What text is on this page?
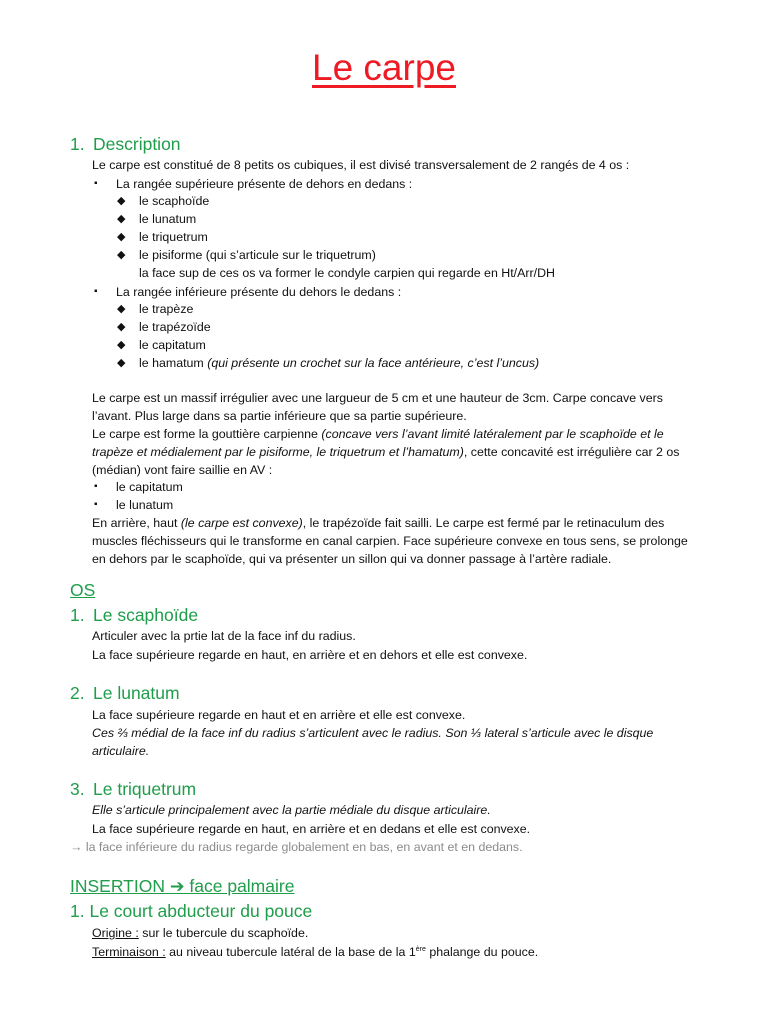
Le carpe
1. Description
Le carpe est constitué de 8 petits os cubiques, il est divisé transversalement de 2 rangés de 4 os :
▪ La rangée supérieure présente de dehors en dedans :
◆ le scaphoïde
◆ le lunatum
◆ le triquetrum
◆ le pisiforme (qui s’articule sur le triquetrum)
la face sup de ces os va former le condyle carpien qui regarde en Ht/Arr/DH
▪ La rangée inférieure présente du dehors le dedans :
◆ le trapèze
◆ le trapézoïde
◆ le capitatum
◆ le hamatum (qui présente un crochet sur la face antérieure, c’est l’uncus)
Le carpe est un massif irrégulier avec une largueur de 5 cm et une hauteur de 3cm. Carpe concave vers
l’avant. Plus large dans sa partie inférieure que sa partie supérieure.
Le carpe est forme la gouttière carpienne (concave vers l’avant limité latéralement par le scaphoïde et le
trapèze et médialement par le pisiforme, le triquetrum et l’hamatum), cette concavité est irrégulière car 2 os
(médian) vont faire saillie en AV :
▪ le capitatum
▪ le lunatum
En arrière, haut (le carpe est convexe), le trapézoïde fait sailli. Le carpe est fermé par le retinaculum des
muscles fléchisseurs qui le transforme en canal carpien. Face supérieure convexe en tous sens, se prolonge
en dehors par le scaphoïde, qui va présenter un sillon qui va donner passage à l’artère radiale.
OS
1. Le scaphoïde
Articuler avec la prtie lat de la face inf du radius.
La face supérieure regarde en haut, en arrière et en dehors et elle est convexe.
2. Le lunatum
La face supérieure regarde en haut et en arrière et elle est convexe.
Ces ⅔ médial de la face inf du radius s’articulent avec le radius. Son ⅓ lateral s’articule avec le disque
articulaire.
3. Le triquetrum
Elle s’articule principalement avec la partie médiale du disque articulaire.
La face supérieure regarde en haut, en arrière et en dedans et elle est convexe.
→ la face inférieure du radius regarde globalement en bas, en avant et en dedans.
INSERTION ➔ face palmaire
1. Le court abducteur du pouce
Origine : sur le tubercule du scaphoïde.
Terminaison : au niveau tubercule latéral de la base de la 1ère phalange du pouce.
